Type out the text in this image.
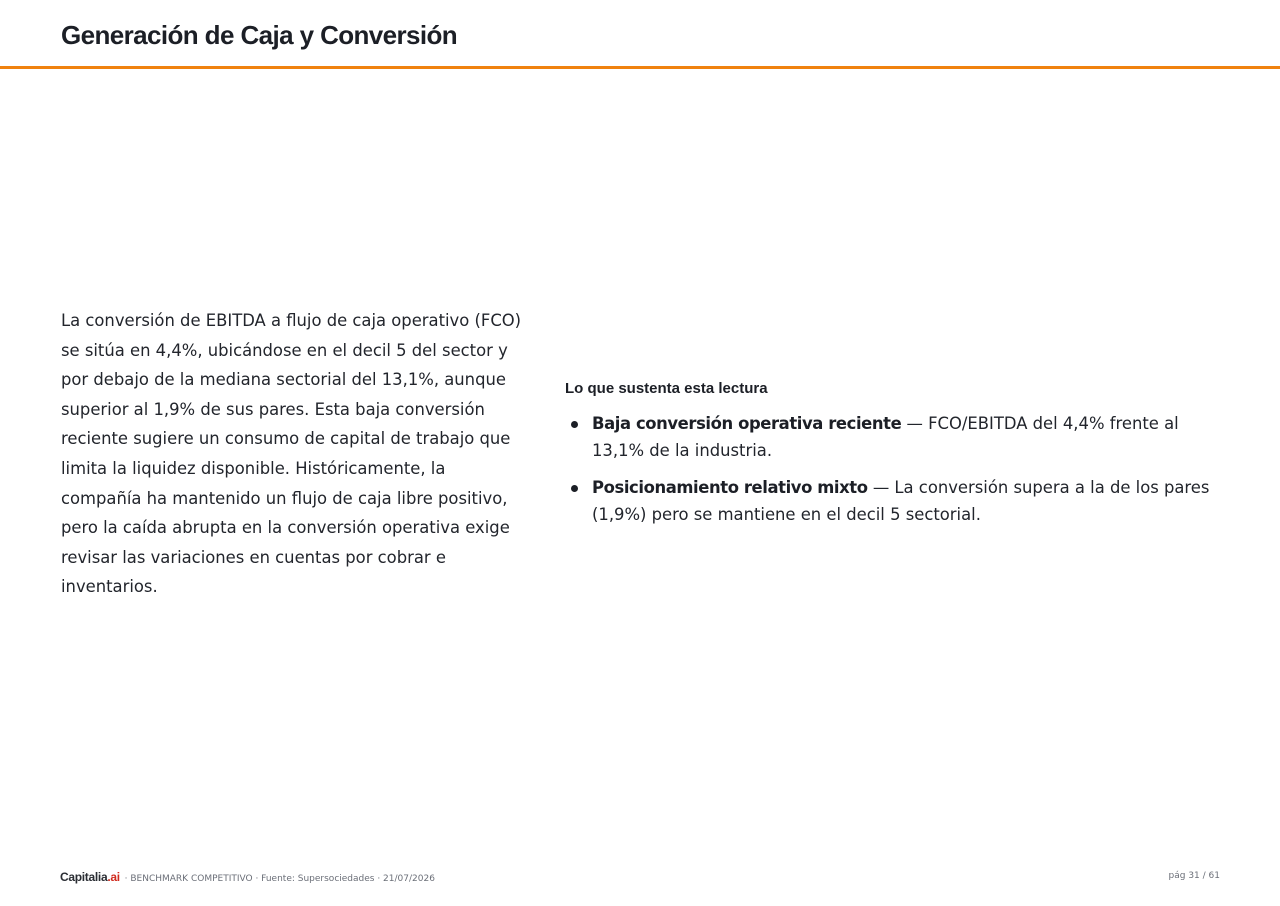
Generación de Caja y Conversión

La conversión de EBITDA a flujo de caja operativo (FCO) se sitúa en 4,4%, ubicándose en el decil 5 del sector y por debajo de la mediana sectorial del 13,1%, aunque superior al 1,9% de sus pares. Esta baja conversión reciente sugiere un consumo de capital de trabajo que limita la liquidez disponible. Históricamente, la compañía ha mantenido un flujo de caja libre positivo, pero la caída abrupta en la conversión operativa exige revisar las variaciones en cuentas por cobrar e inventarios.

Lo que sustenta esta lectura
Baja conversión operativa reciente — FCO/EBITDA del 4,4% frente al 13,1% de la industria.
Posicionamiento relativo mixto — La conversión supera a la de los pares (1,9%) pero se mantiene en el decil 5 sectorial.
Capitalia.ai · BENCHMARK COMPETITIVO · Fuente: Supersociedades · 21/07/2026	pág 31 / 61
